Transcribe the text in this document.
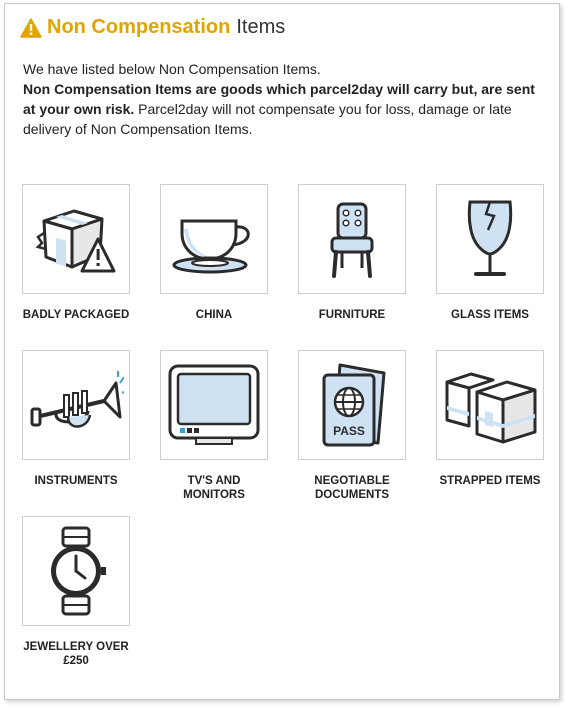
Non Compensation Items
We have listed below Non Compensation Items.
Non Compensation Items are goods which parcel2day will carry but, are sent at your own risk. Parcel2day will not compensate you for loss, damage or late delivery of Non Compensation Items.
BADLY PACKAGED	CHINA	FURNITURE	GLASS ITEMS
INSTRUMENTS	TV'S AND MONITORS
PASS
NEGOTIABLE DOCUMENTS
STRAPPED ITEMS
JEWELLERY OVER £250
